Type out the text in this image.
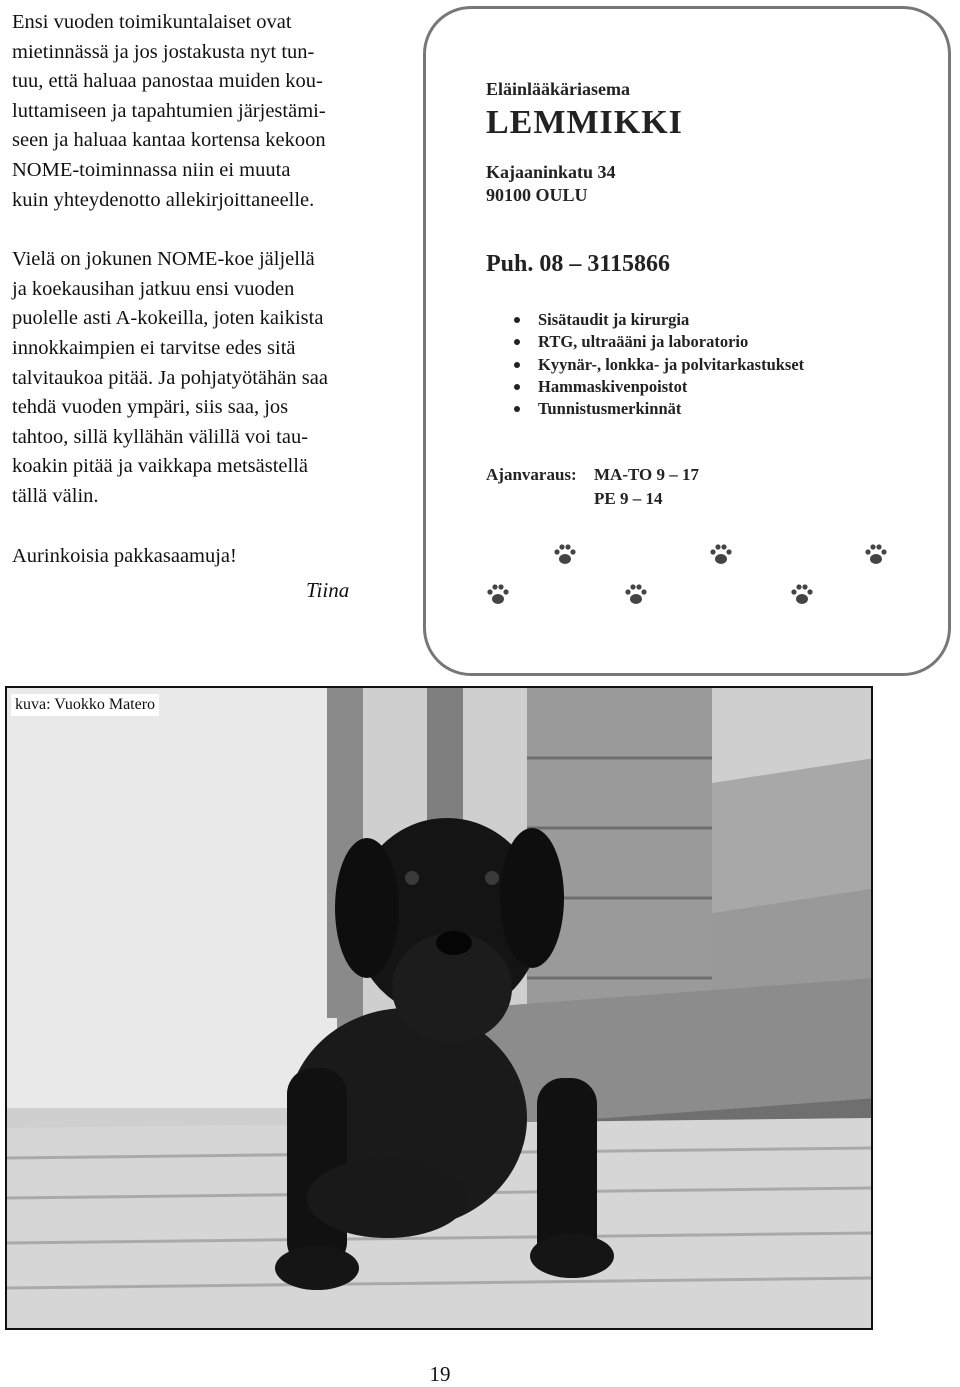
Ensi vuoden toimikuntalaiset ovat
mietinnässä ja jos jostakusta nyt tun-
tuu, että haluaa panostaa muiden kou-
luttamiseen ja tapahtumien järjestämi-
seen ja haluaa kantaa kortensa kekoon
NOME-toiminnassa niin ei muuta
kuin yhteydenotto allekirjoittaneelle.

Vielä on jokunen NOME-koe jäljellä
ja koekausihan jatkuu ensi vuoden
puolelle asti A-kokeilla, joten kaikista
innokkaimpien ei tarvitse edes sitä
talvitaukoa pitää. Ja pohjatyötähän saa
tehdä vuoden ympäri, siis saa, jos
tahtoo, sillä kyllähän välillä voi tau-
koakin pitää ja vaikkapa metsästellä
tällä välin.

Aurinkoisia pakkasaamuja!

Tiina
Eläinlääkäriasema
LEMMIKKI
Kajaaninkatu 34
90100 OULU
Puh. 08 – 3115866
Sisätaudit ja kirurgia
RTG, ultraääni ja laboratorio
Kyynär-, lonkka- ja polvitarkastukset
Hammaskivenpoistot
Tunnistusmerkinnät
Ajanvaraus: MA-TO 9 – 17
PE 9 – 14
kuva: Vuokko Matero
19
